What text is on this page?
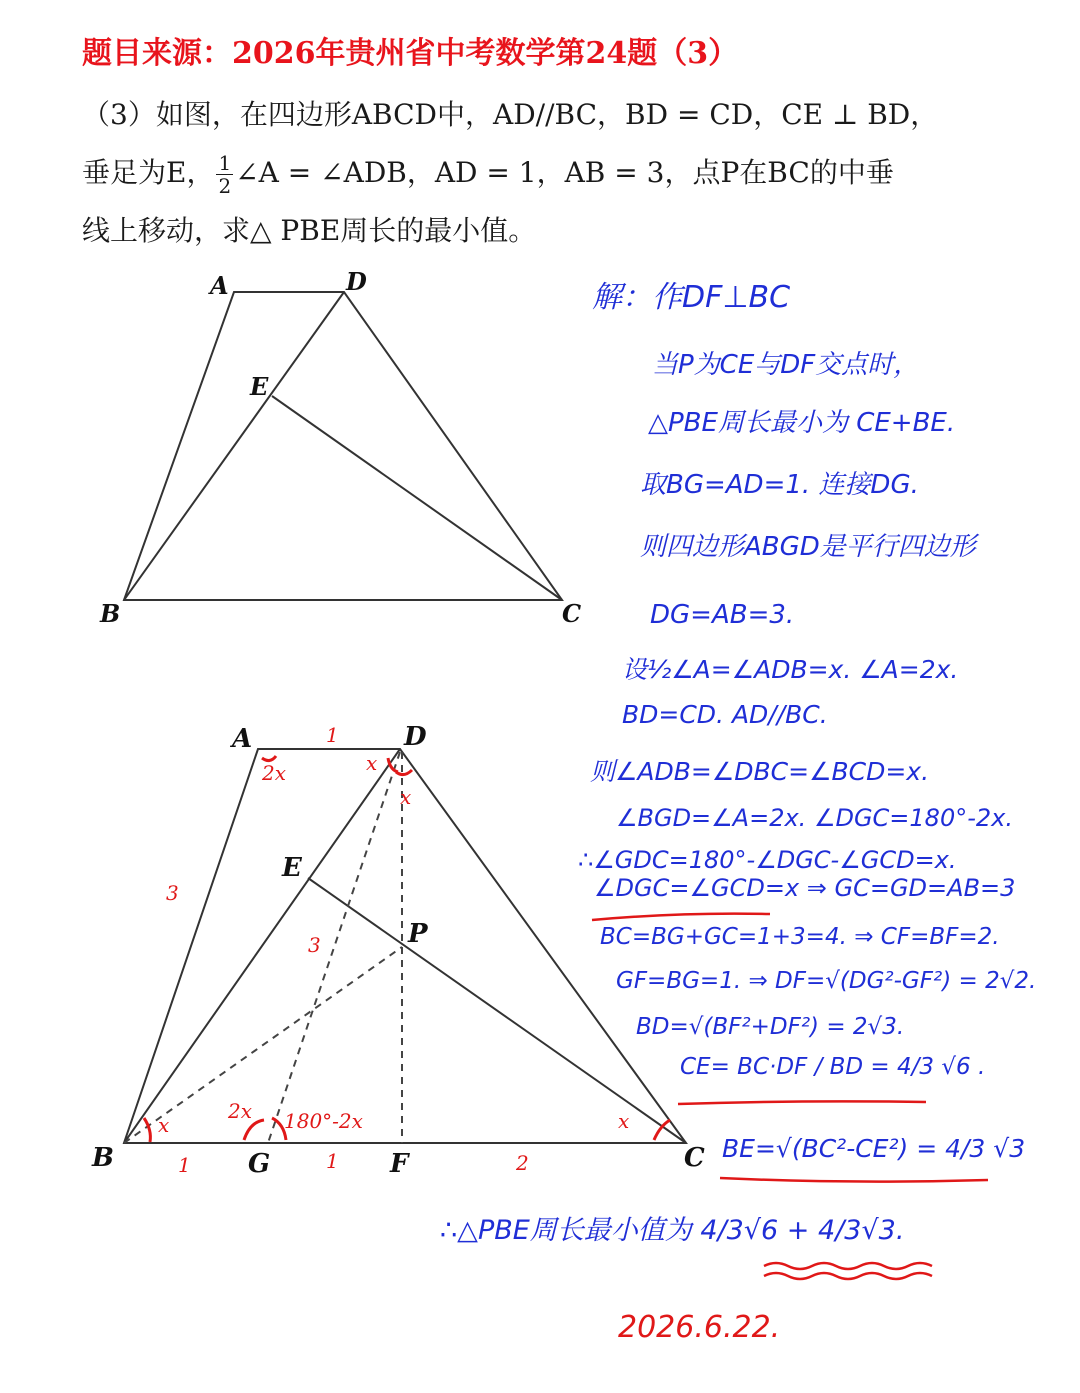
题目来源：2026年贵州省中考数学第24题（3）
（3）如图，在四边形ABCD中，AD//BC，BD = CD，CE ⊥ BD，
垂足为E， $\frac{1}{2}$ ∠A = ∠ADB，AD = 1，AB = 3，点P在BC的中垂
线上移动，求△ PBE周长的最小值。
A	D
E
B	C
A	D
E
P
B	G	F	C
1
2x	x
x
3
3
x
2x 180°-2x	x
1	1	2
解：作DF⊥BC
当P为CE与DF交点时，
△PBE周长最小为 CE+BE.
取BG=AD=1. 连接DG.
则四边形ABGD是平行四边形
DG=AB=3.
设½∠A=∠ADB=x. ∠A=2x.
BD=CD. AD//BC.
则∠ADB=∠DBC=∠BCD=x.
∠BGD=∠A=2x. ∠DGC=180°-2x.
∴∠GDC=180°-∠DGC-∠GCD=x.
∠DGC=∠GCD=x ⇒ GC=GD=AB=3
BC=BG+GC=1+3=4. ⇒ CF=BF=2.
GF=BG=1. ⇒ DF=√(DG²-GF²) = 2√2.
BD=√(BF²+DF²) = 2√3.
CE= BC·DF / BD = 4/3 √6 .
BE=√(BC²-CE²) = 4/3 √3
∴△PBE周长最小值为 4/3√6 + 4/3√3.
2026.6.22.
